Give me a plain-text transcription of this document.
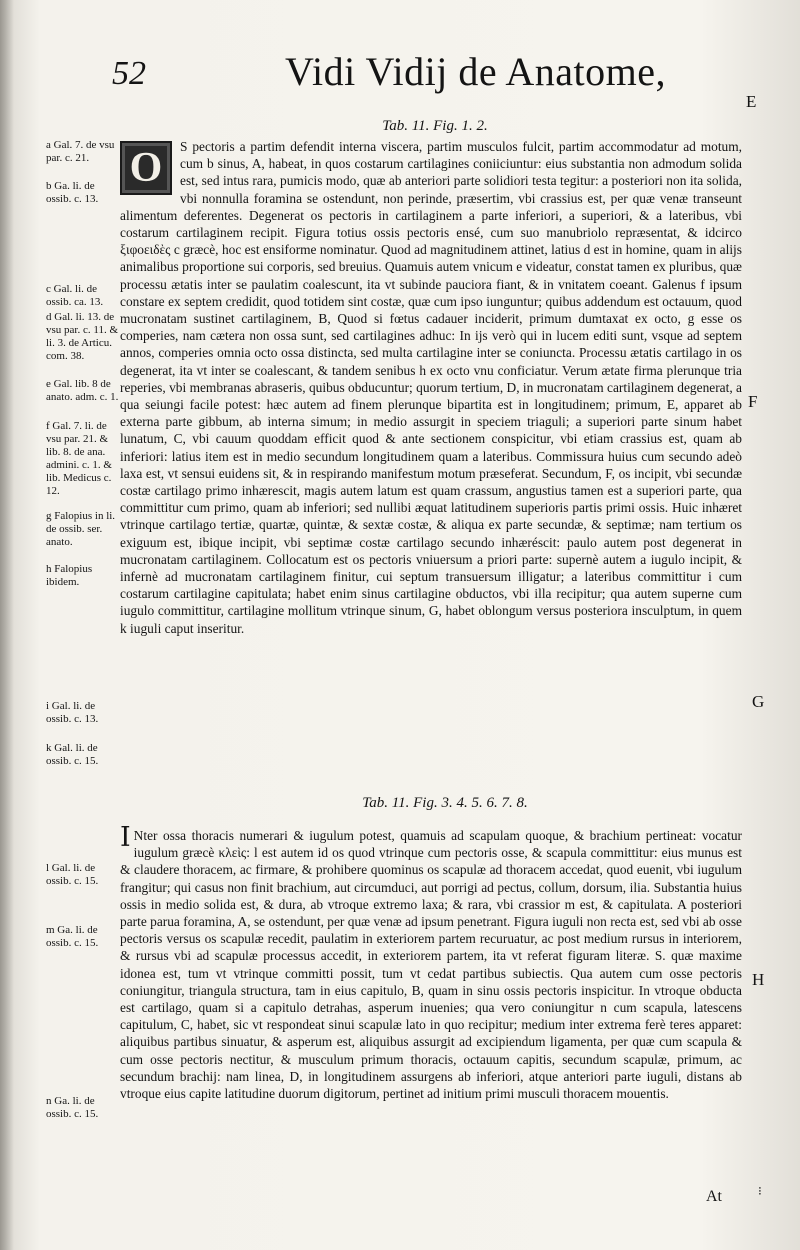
52	Vidi Vidij de Anatome,
E
F
G
H
Tab. 11. Fig. 1. 2.
a Gal. 7. de vsu par. c. 21.
b Ga. li. de ossib. c. 13.
c Gal. li. de ossib. ca. 13.
d Gal. li. 13. de vsu par. c. 11. & li. 3. de Articu. com. 38.
e Gal. lib. 8 de anato. adm. c. 1.
f Gal. 7. li. de vsu par. 21. & lib. 8. de ana. admini. c. 1. & lib. Medicus c. 12.
g Falopius in li. de ossib. ser. anato.
h Falopius ibidem.
i Gal. li. de ossib. c. 13.
k Gal. li. de ossib. c. 15.
l Gal. li. de ossib. c. 15.
m Ga. li. de ossib. c. 15.
n Ga. li. de ossib. c. 15.
O	S pectoris a partim defendit interna viscera, partim musculos fulcit, partim accommodatur ad motum, cum b sinus, A, habeat, in quos costarum cartilagines coniiciuntur: eius substantia non admodum solida est, sed intus rara, pumicis modo, quæ ab anteriori parte solidiori testa tegitur: a posteriori non ita solida, vbi nonnulla foramina se ostendunt, non perinde, præsertim, vbi crassius est, per quæ venæ transeunt alimentum deferentes. Degenerat os pectoris in cartilaginem a parte inferiori, a superiori, & a lateribus, vbi costarum cartilaginem recipit. Figura totius ossis pectoris ensé, cum suo manubriolo repræsentat, & idcirco ξιφοειδὲς c græcè, hoc est ensiforme nominatur. Quod ad magnitudinem attinet, latius d est in homine, quam in alijs animalibus proportione sui corporis, sed breuius. Quamuis autem vnicum e videatur, constat tamen ex pluribus, quæ processu ætatis inter se paulatim coalescunt, ita vt subinde pauciora fiant, & in vnitatem coeant. Galenus f ipsum constare ex septem credidit, quod totidem sint costæ, quæ cum ipso iunguntur; quibus addendum est octauum, quod mucronatam sustinet cartilaginem, B, Quod si fœtus cadauer inciderit, primum dumtaxat ex octo, g esse os comperies, nam cætera non ossa sunt, sed cartilagines adhuc: In ijs verò qui in lucem editi sunt, vsque ad septem annos, comperies omnia octo ossa distincta, sed multa cartilagine inter se coniuncta. Processu ætatis cartilago in os degenerat, ita vt inter se coalescant, & tandem senibus h ex octo vnu conficiatur. Verum ætate firma plerunque tria reperies, vbi membranas abraseris, quibus obducuntur; quorum tertium, D, in mucronatam cartilaginem degenerat, a qua seiungi facile potest: hæc autem ad finem plerunque bipartita est in longitudinem; primum, E, apparet ab externa parte gibbum, ab interna simum; in medio assurgit in speciem triaguli; a superiori parte sinum habet lunatum, C, vbi cauum quoddam efficit quod & ante sectionem conspicitur, vbi etiam crassius est, quam ab inferiori: latius item est in medio secundum longitudinem quam a lateribus. Commissura huius cum secundo adeò laxa est, vt sensui euidens sit, & in respirando manifestum motum præseferat. Secundum, F, os incipit, vbi secundæ costæ cartilago primo inhærescit, magis autem latum est quam crassum, angustius tamen est a superiori parte, qua committitur cum primo, quam ab inferiori; sed nullibi æquat latitudinem superioris partis primi ossis. Huic inhæret vtrinque cartilago tertiæ, quartæ, quintæ, & sextæ costæ, & aliqua ex parte secundæ, & septimæ; nam tertium os exiguum est, ibique incipit, vbi septimæ costæ cartilago secundo inhæréscit: paulo autem post degenerat in mucronatam cartilaginem. Collocatum est os pectoris vniuersum a priori parte: supernè autem a iugulo incipit, & infernè ad mucronatam cartilaginem finitur, cui septum transuersum illigatur; a lateribus committitur i cum costarum cartilagine capitulata; habet enim sinus cartilagine obductos, vbi illa recipitur; qua autem superne cum iugulo committitur, cartilagine mollitum vtrinque sinum, G, habet oblongum versus posteriora insculptum, in quem k iuguli caput inseritur.
Tab. 11. Fig. 3. 4. 5. 6. 7. 8.
I Nter ossa thoracis numerari & iugulum potest, quamuis ad scapulam quoque, & brachium pertineat: vocatur iugulum græcè κλεὶς: l est autem id os quod vtrinque cum pectoris osse, & scapula committitur: eius munus est & claudere thoracem, ac firmare, & prohibere quominus os scapulæ ad thoracem accedat, quod euenit, vbi iugulum frangitur; qui casus non finit brachium, aut circumduci, aut porrigi ad pectus, collum, dorsum, ilia. Substantia huius ossis in medio solida est, & dura, ab vtroque extremo laxa; & rara, vbi crassior m est, & capitulata. A posteriori parte parua foramina, A, se ostendunt, per quæ venæ ad ipsum penetrant. Figura iuguli non recta est, sed vbi ab osse pectoris versus os scapulæ recedit, paulatim in exteriorem partem recuruatur, ac post medium rursus in interiorem, & rursus vbi ad scapulæ processus accedit, in exteriorem partem, ita vt referat figuram literæ. S. quæ maxime idonea est, tum vt vtrinque committi possit, tum vt cedat partibus subiectis. Qua autem cum osse pectoris coniungitur, triangula structura, tam in eius capitulo, B, quam in sinu ossis pectoris inspicitur. In vtroque obducta est cartilago, quam si a capitulo detrahas, asperum inuenies; qua vero coniungitur n cum scapula, latescens capitulum, C, habet, sic vt respondeat sinui scapulæ lato in quo recipitur; medium inter extrema ferè teres apparet: aliquibus partibus sinuatur, & asperum est, aliquibus assurgit ad excipiendum ligamenta, per quæ cum scapula & cum osse pectoris nectitur, & musculum primum thoracis, octauum capitis, secundum scapulæ, primum, ac secundum brachij: nam linea, D, in longitudinem assurgens ab inferiori, atque anteriori parte iuguli, distans ab vtroque eius capite latitudine duorum digitorum, pertinet ad initium primi musculi thoracem mouentis.
At	⁝
